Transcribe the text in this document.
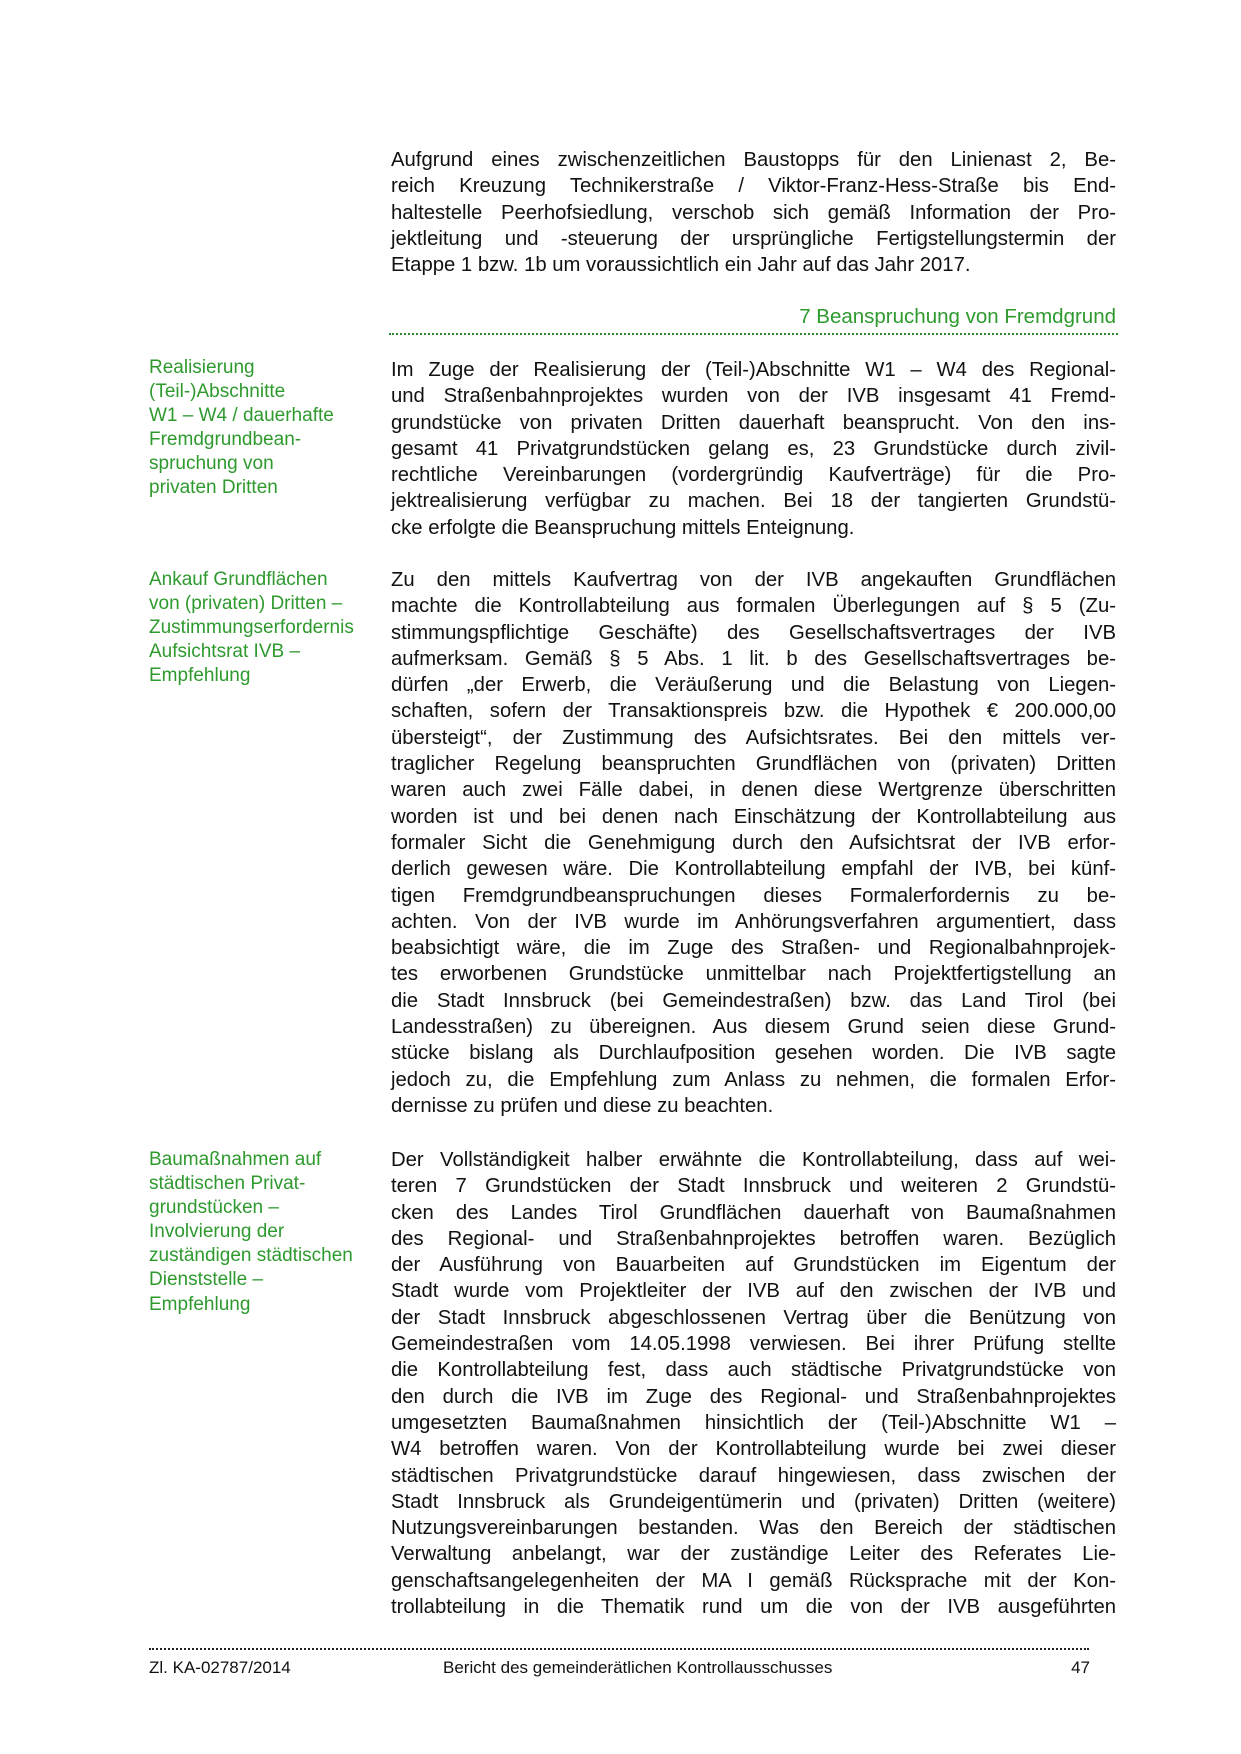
Aufgrund eines zwischenzeitlichen Baustopps für den Linienast 2, Be-
reich Kreuzung Technikerstraße / Viktor-Franz-Hess-Straße bis End-
haltestelle Peerhofsiedlung, verschob sich gemäß Information der Pro-
jektleitung und -steuerung der ursprüngliche Fertigstellungstermin der
Etappe 1 bzw. 1b um voraussichtlich ein Jahr auf das Jahr 2017.
7 Beanspruchung von Fremdgrund
Realisierung
(Teil-)Abschnitte
W1 – W4 / dauerhafte
Fremdgrundbean-
spruchung von
privaten Dritten
Im Zuge der Realisierung der (Teil-)Abschnitte W1 – W4 des Regional-
und Straßenbahnprojektes wurden von der IVB insgesamt 41 Fremd-
grundstücke von privaten Dritten dauerhaft beansprucht. Von den ins-
gesamt 41 Privatgrundstücken gelang es, 23 Grundstücke durch zivil-
rechtliche Vereinbarungen (vordergründig Kaufverträge) für die Pro-
jektrealisierung verfügbar zu machen. Bei 18 der tangierten Grundstü-
cke erfolgte die Beanspruchung mittels Enteignung.
Ankauf Grundflächen
von (privaten) Dritten –
Zustimmungserfordernis
Aufsichtsrat IVB –
Empfehlung
Zu den mittels Kaufvertrag von der IVB angekauften Grundflächen
machte die Kontrollabteilung aus formalen Überlegungen auf § 5 (Zu-
stimmungspflichtige Geschäfte) des Gesellschaftsvertrages der IVB
aufmerksam. Gemäß § 5 Abs. 1 lit. b des Gesellschaftsvertrages be-
dürfen „der Erwerb, die Veräußerung und die Belastung von Liegen-
schaften, sofern der Transaktionspreis bzw. die Hypothek € 200.000,00
übersteigt“, der Zustimmung des Aufsichtsrates. Bei den mittels ver-
traglicher Regelung beanspruchten Grundflächen von (privaten) Dritten
waren auch zwei Fälle dabei, in denen diese Wertgrenze überschritten
worden ist und bei denen nach Einschätzung der Kontrollabteilung aus
formaler Sicht die Genehmigung durch den Aufsichtsrat der IVB erfor-
derlich gewesen wäre. Die Kontrollabteilung empfahl der IVB, bei künf-
tigen Fremdgrundbeanspruchungen dieses Formalerfordernis zu be-
achten. Von der IVB wurde im Anhörungsverfahren argumentiert, dass
beabsichtigt wäre, die im Zuge des Straßen- und Regionalbahnprojek-
tes erworbenen Grundstücke unmittelbar nach Projektfertigstellung an
die Stadt Innsbruck (bei Gemeindestraßen) bzw. das Land Tirol (bei
Landesstraßen) zu übereignen. Aus diesem Grund seien diese Grund-
stücke bislang als Durchlaufposition gesehen worden. Die IVB sagte
jedoch zu, die Empfehlung zum Anlass zu nehmen, die formalen Erfor-
dernisse zu prüfen und diese zu beachten.
Baumaßnahmen auf
städtischen Privat-
grundstücken –
Involvierung der
zuständigen städtischen
Dienststelle –
Empfehlung
Der Vollständigkeit halber erwähnte die Kontrollabteilung, dass auf wei-
teren 7 Grundstücken der Stadt Innsbruck und weiteren 2 Grundstü-
cken des Landes Tirol Grundflächen dauerhaft von Baumaßnahmen
des Regional- und Straßenbahnprojektes betroffen waren. Bezüglich
der Ausführung von Bauarbeiten auf Grundstücken im Eigentum der
Stadt wurde vom Projektleiter der IVB auf den zwischen der IVB und
der Stadt Innsbruck abgeschlossenen Vertrag über die Benützung von
Gemeindestraßen vom 14.05.1998 verwiesen. Bei ihrer Prüfung stellte
die Kontrollabteilung fest, dass auch städtische Privatgrundstücke von
den durch die IVB im Zuge des Regional- und Straßenbahnprojektes
umgesetzten Baumaßnahmen hinsichtlich der (Teil-)Abschnitte W1 –
W4 betroffen waren. Von der Kontrollabteilung wurde bei zwei dieser
städtischen Privatgrundstücke darauf hingewiesen, dass zwischen der
Stadt Innsbruck als Grundeigentümerin und (privaten) Dritten (weitere)
Nutzungsvereinbarungen bestanden. Was den Bereich der städtischen
Verwaltung anbelangt, war der zuständige Leiter des Referates Lie-
genschaftsangelegenheiten der MA I gemäß Rücksprache mit der Kon-
trollabteilung in die Thematik rund um die von der IVB ausgeführten
Zl. KA-02787/2014	Bericht des gemeinderätlichen Kontrollausschusses	47
